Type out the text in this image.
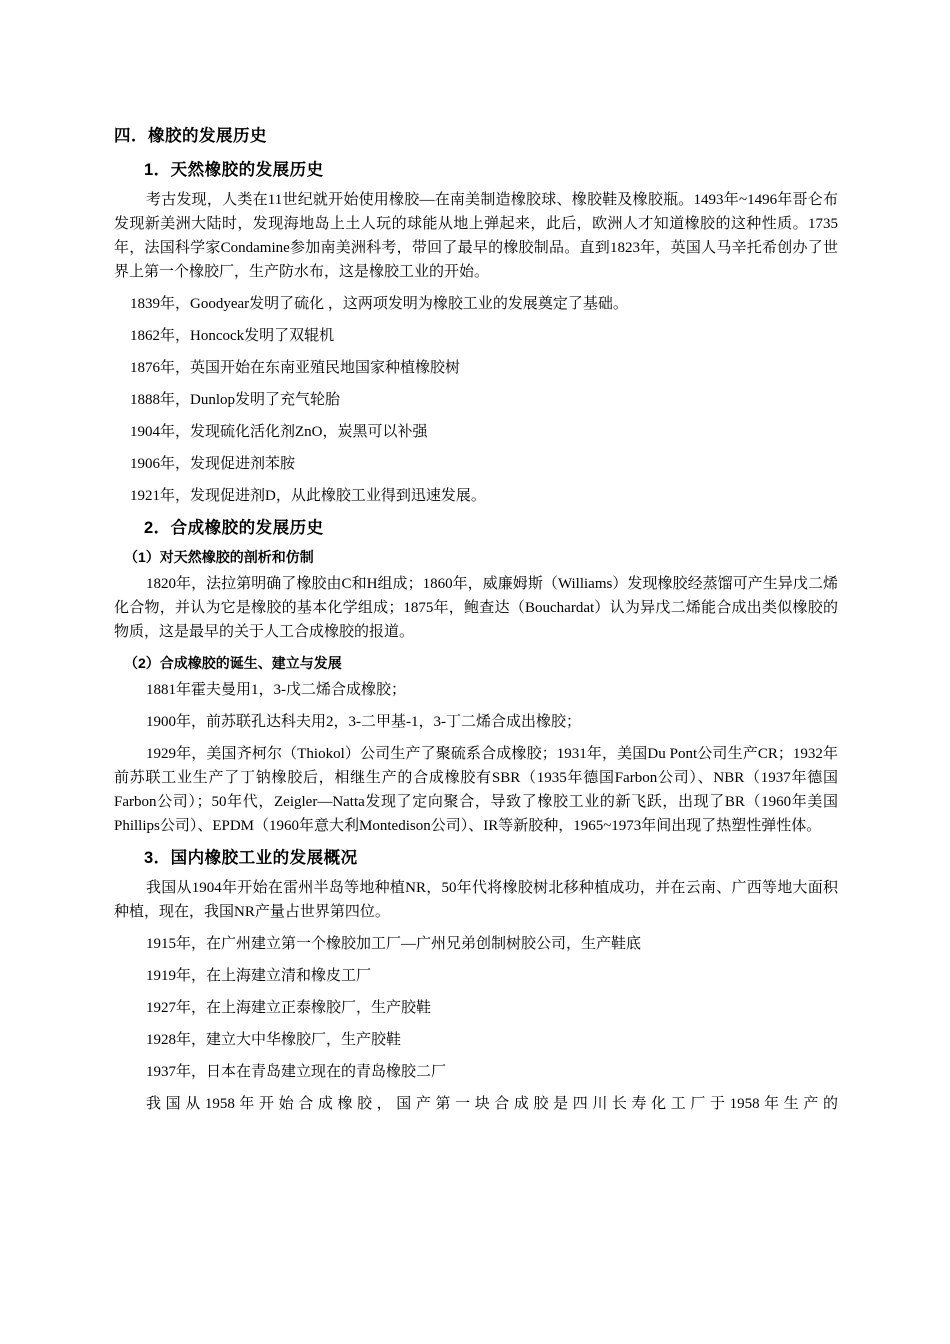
四．橡胶的发展历史
1．天然橡胶的发展历史
考古发现，人类在11世纪就开始使用橡胶—在南美制造橡胶球、橡胶鞋及橡胶瓶。1493年~1496年哥仑布发现新美洲大陆时，发现海地岛上土人玩的球能从地上弹起来，此后，欧洲人才知道橡胶的这种性质。1735年，法国科学家Condamine参加南美洲科考，带回了最早的橡胶制品。直到1823年，英国人马辛托希创办了世界上第一个橡胶厂，生产防水布，这是橡胶工业的开始。
1839年，Goodyear发明了硫化 ，这两项发明为橡胶工业的发展奠定了基础。
1862年，Honcock发明了双辊机
1876年，英国开始在东南亚殖民地国家种植橡胶树
1888年，Dunlop发明了充气轮胎
1904年，发现硫化活化剂ZnO，炭黑可以补强
1906年，发现促进剂苯胺
1921年，发现促进剂D，从此橡胶工业得到迅速发展。
2．合成橡胶的发展历史
（1）对天然橡胶的剖析和仿制
1820年，法拉第明确了橡胶由C和H组成；1860年，威廉姆斯（Williams）发现橡胶经蒸馏可产生异戊二烯化合物，并认为它是橡胶的基本化学组成；1875年，鲍查达（Bouchardat）认为异戊二烯能合成出类似橡胶的物质，这是最早的关于人工合成橡胶的报道。
（2）合成橡胶的诞生、建立与发展
1881年霍夫曼用1，3-戊二烯合成橡胶；
1900年，前苏联孔达科夫用2，3-二甲基-1，3-丁二烯合成出橡胶；
1929年，美国齐柯尔（Thiokol）公司生产了聚硫系合成橡胶；1931年，美国Du Pont公司生产CR；1932年前苏联工业生产了丁钠橡胶后，相继生产的合成橡胶有SBR（1935年德国Farbon公司）、NBR（1937年德国Farbon公司）；50年代，Zeigler—Natta发现了定向聚合，导致了橡胶工业的新飞跃，出现了BR（1960年美国Phillips公司）、EPDM（1960年意大利Montedison公司）、IR等新胶种，1965~1973年间出现了热塑性弹性体。
3．国内橡胶工业的发展概况
我国从1904年开始在雷州半岛等地种植NR，50年代将橡胶树北移种植成功，并在云南、广西等地大面积种植，现在，我国NR产量占世界第四位。
1915年，在广州建立第一个橡胶加工厂—广州兄弟创制树胶公司，生产鞋底
1919年，在上海建立清和橡皮工厂
1927年，在上海建立正泰橡胶厂，生产胶鞋
1928年，建立大中华橡胶厂，生产胶鞋
1937年，日本在青岛建立现在的青岛橡胶二厂
我国从1958年开始合成橡胶，国产第一块合成胶是四川长寿化工厂于1958年生产的
